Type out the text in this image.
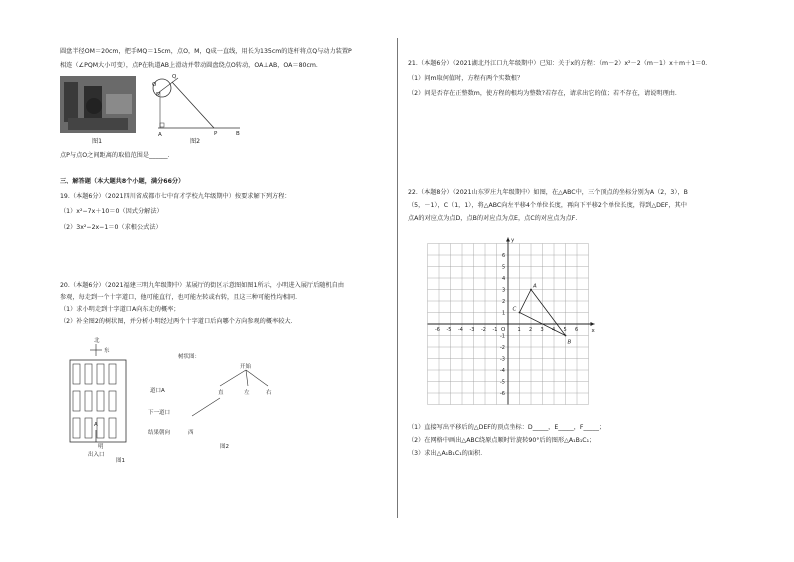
圆盘半径OM＝20cm，把手MQ＝15cm，点O，M，Q成一直线，用长为135cm的连杆将点Q与动力装置P
相连（∠PQM大小可变），点P在轨道AB上滑动并带动圆盘绕点O转动，OA⊥AB，OA＝80cm．
图1
O
M
Q
A	P	B
图2
点P与点O之间距离的取值范围是______．
三、解答题（本大题共8个小题，满分66分）
19.（本题6分）（2021四川省成都市七中育才学校九年级期中）按要求解下列方程：
（1）x²−7x＋10＝0（因式分解法）
（2）3x²−2x−1＝0（求根公式法）
20.（本题6分）（2021福建三明九年级期中）某展厅的街区示意图如图1所示，小明进入展厅后随机自由
参观，每走到一个十字道口，他可能直行，也可能左转或右转，且这三种可能性均相同．
（1）求小明走到十字道口A向东走的概率；
（2）补全图2的树状图，并分析小明经过两个十字道口后向哪个方向参观的概率较大．
北
东
A
明
出入口
图1
树状图：
开始
道口A	直	左	右
下一道口
结果朝向	西
图2
21.（本题6分）（2021湖北丹江口九年级期中）已知：关于x的方程：（m－2）x²－2（m－1）x＋m＋1＝0．
（1）问m取何值时，方程有两个实数根？
（2）问是否存在正整数m，使方程的根均为整数?若存在，请求出它的值；若不存在，请说明理由．
22.（本题8分）（2021山东罗庄九年级期中）如图，在△ABC中，三个顶点的坐标分别为A（2，3），B
（5，－1），C（1，1），将△ABC向左平移4个单位长度，再向下平移2个单位长度，得到△DEF，其中
点A的对应点为点D，点B的对应点为点E，点C的对应点为点F．
x
y
O
-6 -5 -4 -3 -2 -1	1 2 3 4 5 6
6
5
4
3
2
1
-1
-2
-3
-4
-5
-6
A
B
C
（1）直接写出平移后的△DEF的顶点坐标：D_____，E_____，F_____；
（2）在网格中画出△ABC绕原点顺时针旋转90°后的图形△A₁B₁C₁；
（3）求出△A₁B₁C₁的面积．
